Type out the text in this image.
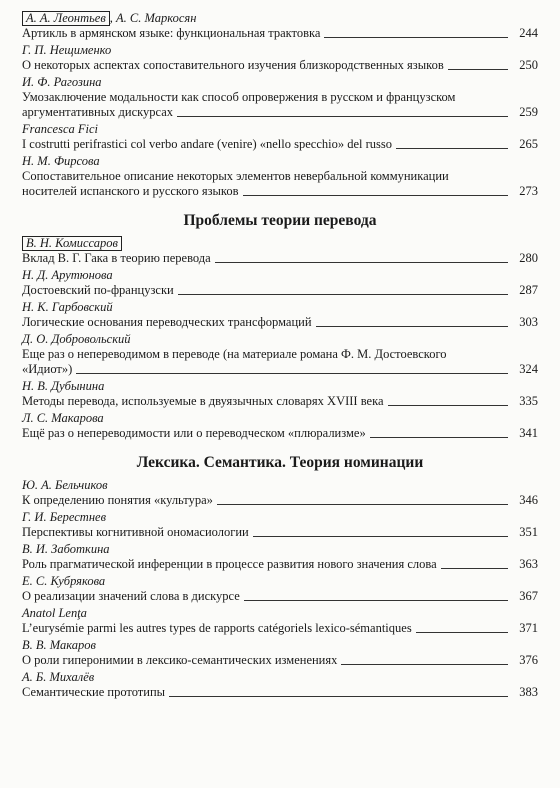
А. А. Леонтьев , А. С. Маркосян
Артикль в армянском языке: функциональная трактовка	244
Г. П. Нещименко
О некоторых аспектах сопоставительного изучения близкородственных языков	250
И. Ф. Рагозина
Умозаключение модальности как способ опровержения в русском и французском
аргументативных дискурсах	259
Francesca Fici
I costrutti perifrastici col verbo andare (venire) «nello specchio» del russo	265
Н. М. Фирсова
Сопоставительное описание некоторых элементов невербальной коммуникации
носителей испанского и русского языков	273
Проблемы теории перевода
В. Н. Комиссаров
Вклад В. Г. Гака в теорию перевода	280
Н. Д. Арутюнова
Достоевский по-французски	287
Н. К. Гарбовский
Логические основания переводческих трансформаций	303
Д. О. Добровольский
Еще раз о непереводимом в переводе (на материале романа Ф. М. Достоевского
«Идиот»)	324
Н. В. Дубынина
Методы перевода, используемые в двуязычных словарях XVIII века	335
Л. С. Макарова
Ещё раз о непереводимости или о переводческом «плюрализме»	341
Лексика. Семантика. Теория номинации
Ю. А. Бельчиков
К определению понятия «культура»	346
Г. И. Берестнев
Перспективы когнитивной ономасиологии	351
В. И. Заботкина
Роль прагматической инференции в процессе развития нового значения слова	363
Е. С. Кубрякова
О реализации значений слова в дискурсе	367
Anatol Lenţa
L’eurysémie parmi les autres types de rapports catégoriels lexico-sémantiques	371
В. В. Макаров
О роли гиперонимии в лексико-семантических изменениях	376
А. Б. Михалёв
Семантические прототипы	383
